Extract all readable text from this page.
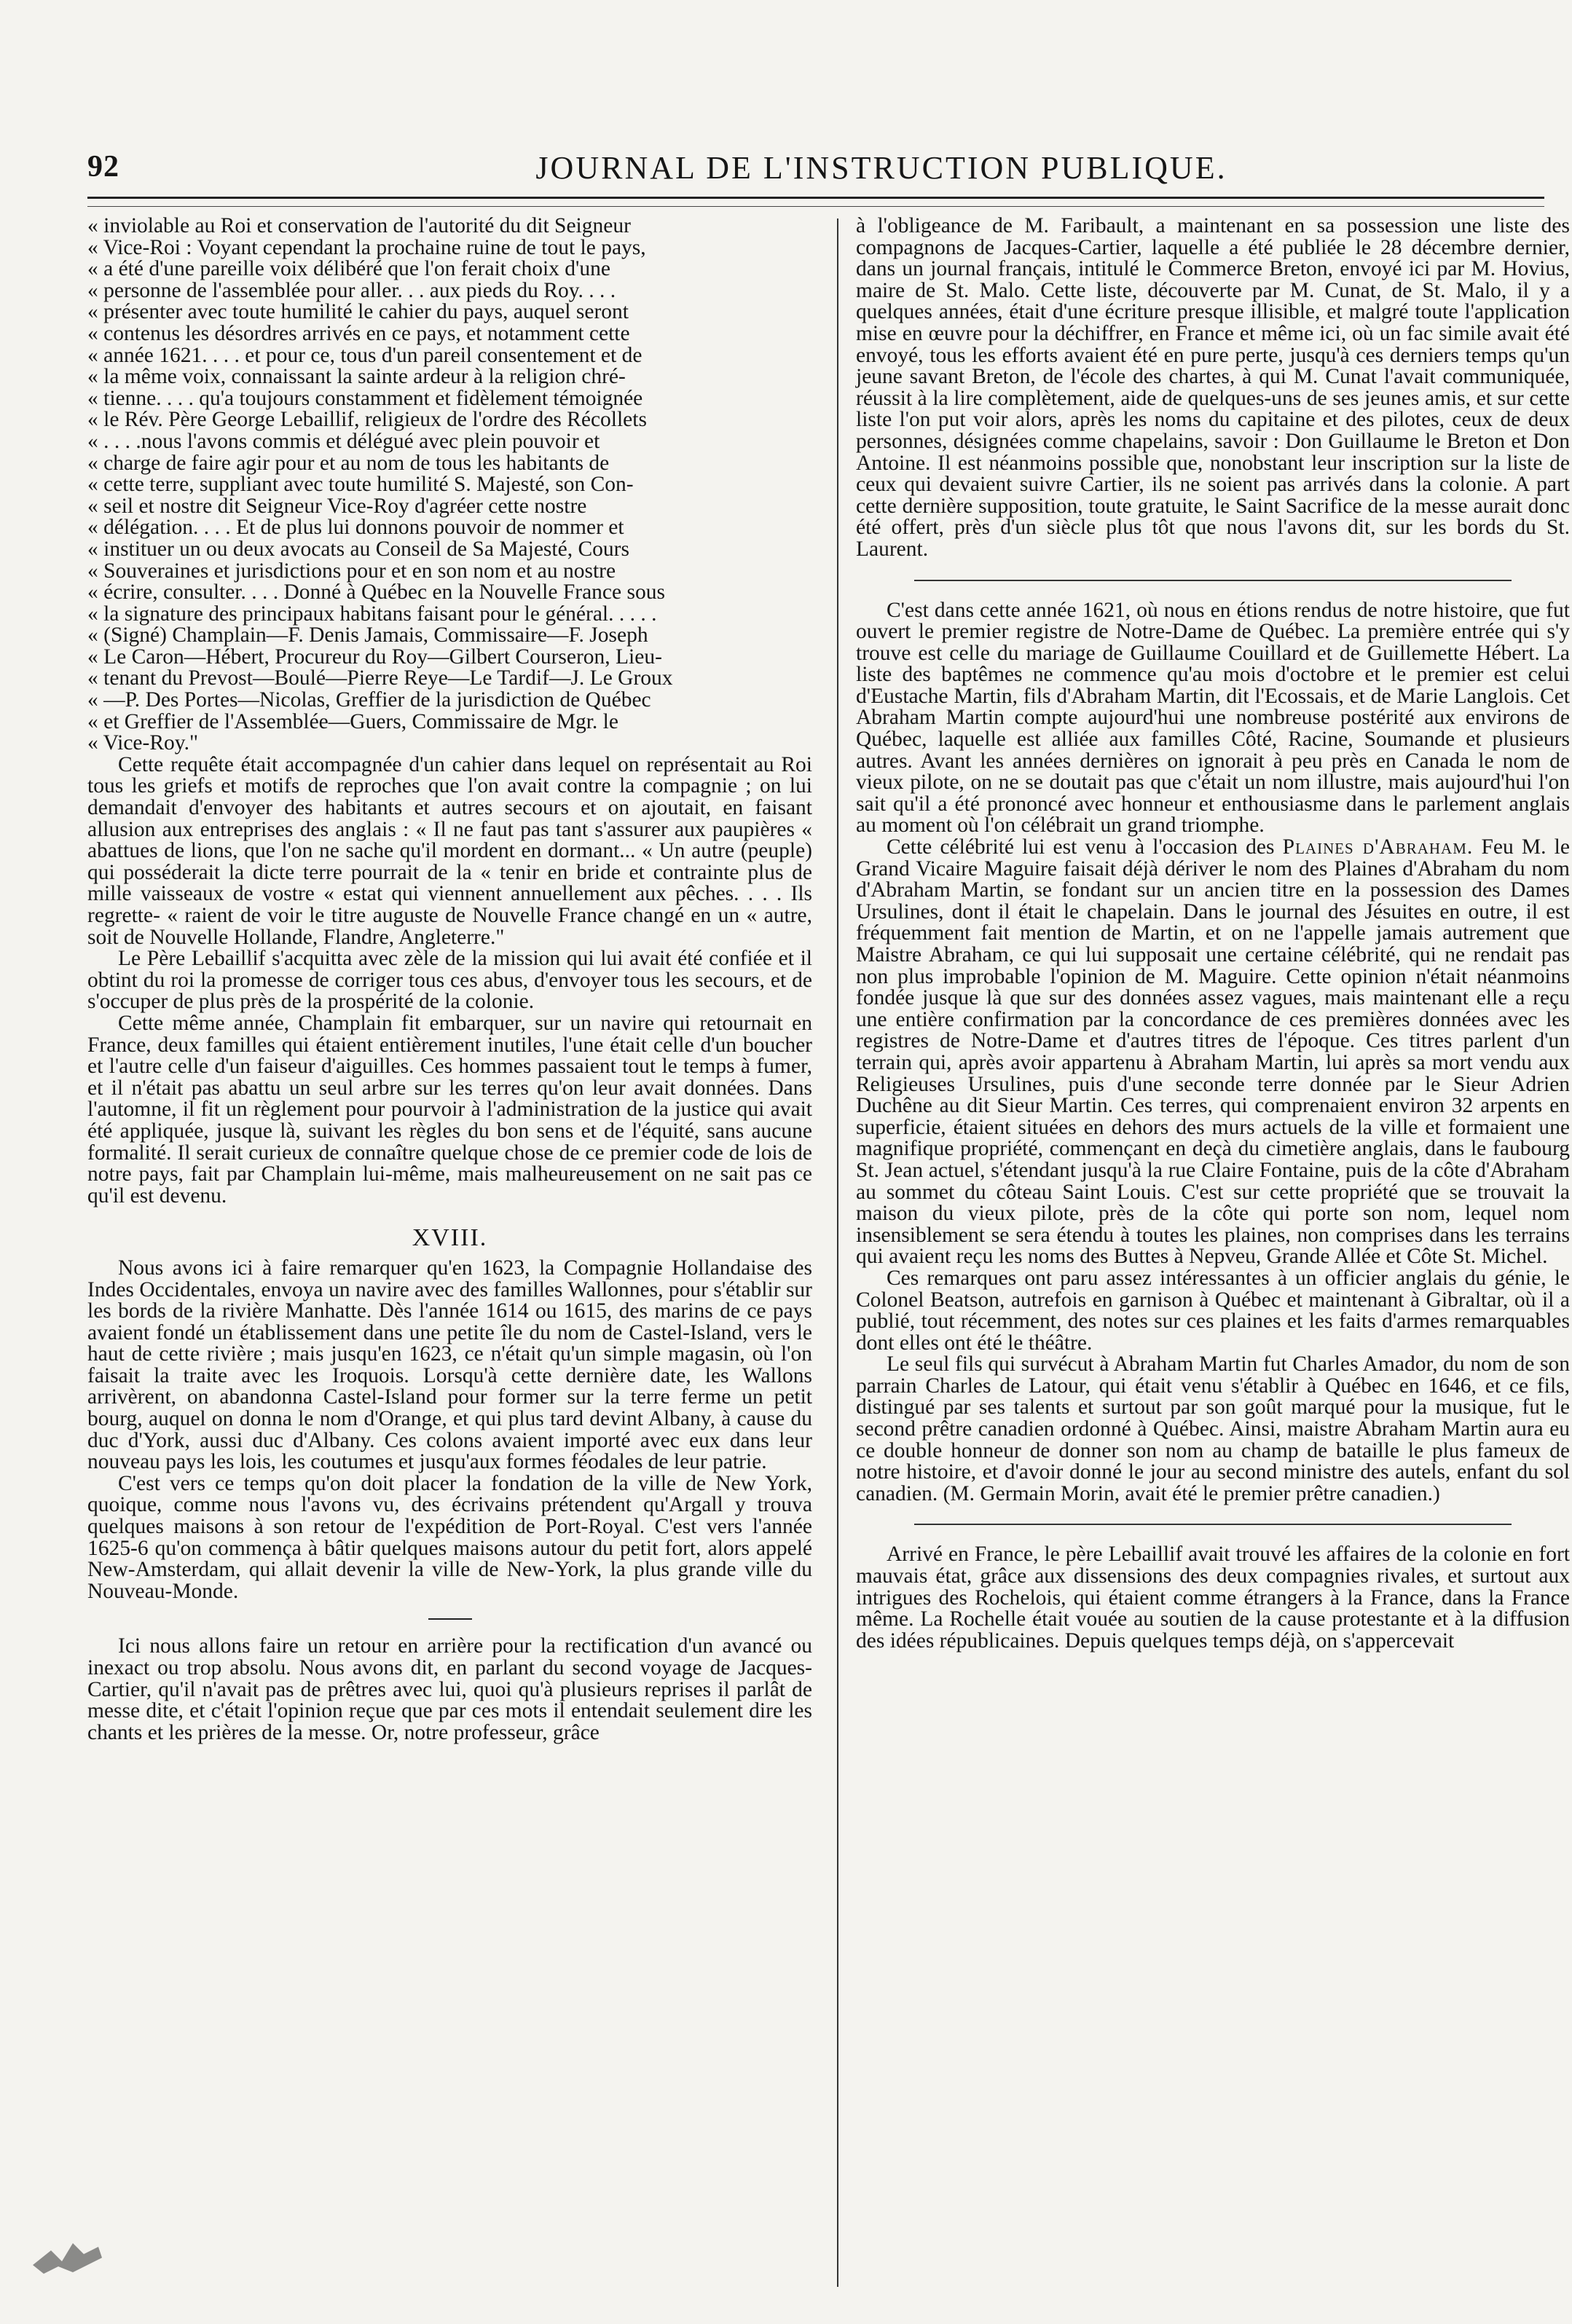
92	JOURNAL DE L'INSTRUCTION PUBLIQUE.

« inviolable au Roi et conservation de l'autorité du dit Seigneur

« Vice-Roi : Voyant cependant la prochaine ruine de tout le pays,

« a été d'une pareille voix délibéré que l'on ferait choix d'une

« personne de l'assemblée pour aller. . . aux pieds du Roy. . . .

« présenter avec toute humilité le cahier du pays, auquel seront

« contenus les désordres arrivés en ce pays, et notamment cette

« année 1621. . . . et pour ce, tous d'un pareil consentement et de

« la même voix, connaissant la sainte ardeur à la religion chré-

« tienne. . . . qu'a toujours constamment et fidèlement témoignée

« le Rév. Père George Lebaillif, religieux de l'ordre des Récollets

« . . . .nous l'avons commis et délégué avec plein pouvoir et

« charge de faire agir pour et au nom de tous les habitants de

« cette terre, suppliant avec toute humilité S. Majesté, son Con-

« seil et nostre dit Seigneur Vice-Roy d'agréer cette nostre

« délégation. . . . Et de plus lui donnons pouvoir de nommer et

« instituer un ou deux avocats au Conseil de Sa Majesté, Cours

« Souveraines et jurisdictions pour et en son nom et au nostre

« écrire, consulter. . . . Donné à Québec en la Nouvelle France sous

« la signature des principaux habitans faisant pour le général. . . . .

« (Signé) Champlain—F. Denis Jamais, Commissaire—F. Joseph

« Le Caron—Hébert, Procureur du Roy—Gilbert Courseron, Lieu-

« tenant du Prevost—Boulé—Pierre Reye—Le Tardif—J. Le Groux

« —P. Des Portes—Nicolas, Greffier de la jurisdiction de Québec

« et Greffier de l'Assemblée—Guers, Commissaire de Mgr. le

« Vice-Roy."

Cette requête était accompagnée d'un cahier dans lequel on représentait au Roi tous les griefs et motifs de reproches que l'on avait contre la compagnie ; on lui demandait d'envoyer des habitants et autres secours et on ajoutait, en faisant allusion aux entreprises des anglais : « Il ne faut pas tant s'assurer aux paupières « abattues de lions, que l'on ne sache qu'il mordent en dormant... « Un autre (peuple) qui posséderait la dicte terre pourrait de la « tenir en bride et contrainte plus de mille vaisseaux de vostre « estat qui viennent annuellement aux pêches. . . . Ils regrette- « raient de voir le titre auguste de Nouvelle France changé en un « autre, soit de Nouvelle Hollande, Flandre, Angleterre."

Le Père Lebaillif s'acquitta avec zèle de la mission qui lui avait été confiée et il obtint du roi la promesse de corriger tous ces abus, d'envoyer tous les secours, et de s'occuper de plus près de la prospérité de la colonie.

Cette même année, Champlain fit embarquer, sur un navire qui retournait en France, deux familles qui étaient entièrement inutiles, l'une était celle d'un boucher et l'autre celle d'un faiseur d'aiguilles. Ces hommes passaient tout le temps à fumer, et il n'était pas abattu un seul arbre sur les terres qu'on leur avait données. Dans l'automne, il fit un règlement pour pourvoir à l'administration de la justice qui avait été appliquée, jusque là, suivant les règles du bon sens et de l'équité, sans aucune formalité. Il serait curieux de connaître quelque chose de ce premier code de lois de notre pays, fait par Champlain lui-même, mais malheureusement on ne sait pas ce qu'il est devenu.

XVIII.

Nous avons ici à faire remarquer qu'en 1623, la Compagnie Hollandaise des Indes Occidentales, envoya un navire avec des familles Wallonnes, pour s'établir sur les bords de la rivière Manhatte. Dès l'année 1614 ou 1615, des marins de ce pays avaient fondé un établissement dans une petite île du nom de Castel-Island, vers le haut de cette rivière ; mais jusqu'en 1623, ce n'était qu'un simple magasin, où l'on faisait la traite avec les Iroquois. Lorsqu'à cette dernière date, les Wallons arrivèrent, on abandonna Castel-Island pour former sur la terre ferme un petit bourg, auquel on donna le nom d'Orange, et qui plus tard devint Albany, à cause du duc d'York, aussi duc d'Albany. Ces colons avaient importé avec eux dans leur nouveau pays les lois, les coutumes et jusqu'aux formes féodales de leur patrie.

C'est vers ce temps qu'on doit placer la fondation de la ville de New York, quoique, comme nous l'avons vu, des écrivains prétendent qu'Argall y trouva quelques maisons à son retour de l'expédition de Port-Royal. C'est vers l'année 1625-6 qu'on commença à bâtir quelques maisons autour du petit fort, alors appelé New-Amsterdam, qui allait devenir la ville de New-York, la plus grande ville du Nouveau-Monde.

Ici nous allons faire un retour en arrière pour la rectification d'un avancé ou inexact ou trop absolu. Nous avons dit, en parlant du second voyage de Jacques-Cartier, qu'il n'avait pas de prêtres avec lui, quoi qu'à plusieurs reprises il parlât de messe dite, et c'était l'opinion reçue que par ces mots il entendait seulement dire les chants et les prières de la messe. Or, notre professeur, grâce

à l'obligeance de M. Faribault, a maintenant en sa possession une liste des compagnons de Jacques-Cartier, laquelle a été publiée le 28 décembre dernier, dans un journal français, intitulé le Commerce Breton, envoyé ici par M. Hovius, maire de St. Malo. Cette liste, découverte par M. Cunat, de St. Malo, il y a quelques années, était d'une écriture presque illisible, et malgré toute l'application mise en œuvre pour la déchiffrer, en France et même ici, où un fac simile avait été envoyé, tous les efforts avaient été en pure perte, jusqu'à ces derniers temps qu'un jeune savant Breton, de l'école des chartes, à qui M. Cunat l'avait communiquée, réussit à la lire complètement, aide de quelques-uns de ses jeunes amis, et sur cette liste l'on put voir alors, après les noms du capitaine et des pilotes, ceux de deux personnes, désignées comme chapelains, savoir : Don Guillaume le Breton et Don Antoine. Il est néanmoins possible que, nonobstant leur inscription sur la liste de ceux qui devaient suivre Cartier, ils ne soient pas arrivés dans la colonie. A part cette dernière supposition, toute gratuite, le Saint Sacrifice de la messe aurait donc été offert, près d'un siècle plus tôt que nous l'avons dit, sur les bords du St. Laurent.

C'est dans cette année 1621, où nous en étions rendus de notre histoire, que fut ouvert le premier registre de Notre-Dame de Québec. La première entrée qui s'y trouve est celle du mariage de Guillaume Couillard et de Guillemette Hébert. La liste des baptêmes ne commence qu'au mois d'octobre et le premier est celui d'Eustache Martin, fils d'Abraham Martin, dit l'Ecossais, et de Marie Langlois. Cet Abraham Martin compte aujourd'hui une nombreuse postérité aux environs de Québec, laquelle est alliée aux familles Côté, Racine, Soumande et plusieurs autres. Avant les années dernières on ignorait à peu près en Canada le nom de vieux pilote, on ne se doutait pas que c'était un nom illustre, mais aujourd'hui l'on sait qu'il a été prononcé avec honneur et enthousiasme dans le parlement anglais au moment où l'on célébrait un grand triomphe.

Cette célébrité lui est venu à l'occasion des Plaines d'Abraham. Feu M. le Grand Vicaire Maguire faisait déjà dériver le nom des Plaines d'Abraham du nom d'Abraham Martin, se fondant sur un ancien titre en la possession des Dames Ursulines, dont il était le chapelain. Dans le journal des Jésuites en outre, il est fréquemment fait mention de Martin, et on ne l'appelle jamais autrement que Maistre Abraham, ce qui lui supposait une certaine célébrité, qui ne rendait pas non plus improbable l'opinion de M. Maguire. Cette opinion n'était néanmoins fondée jusque là que sur des données assez vagues, mais maintenant elle a reçu une entière confirmation par la concordance de ces premières données avec les registres de Notre-Dame et d'autres titres de l'époque. Ces titres parlent d'un terrain qui, après avoir appartenu à Abraham Martin, lui après sa mort vendu aux Religieuses Ursulines, puis d'une seconde terre donnée par le Sieur Adrien Duchêne au dit Sieur Martin. Ces terres, qui comprenaient environ 32 arpents en superficie, étaient situées en dehors des murs actuels de la ville et formaient une magnifique propriété, commençant en deçà du cimetière anglais, dans le faubourg St. Jean actuel, s'étendant jusqu'à la rue Claire Fontaine, puis de la côte d'Abraham au sommet du côteau Saint Louis. C'est sur cette propriété que se trouvait la maison du vieux pilote, près de la côte qui porte son nom, lequel nom insensiblement se sera étendu à toutes les plaines, non comprises dans les terrains qui avaient reçu les noms des Buttes à Nepveu, Grande Allée et Côte St. Michel.

Ces remarques ont paru assez intéressantes à un officier anglais du génie, le Colonel Beatson, autrefois en garnison à Québec et maintenant à Gibraltar, où il a publié, tout récemment, des notes sur ces plaines et les faits d'armes remarquables dont elles ont été le théâtre.

Le seul fils qui survécut à Abraham Martin fut Charles Amador, du nom de son parrain Charles de Latour, qui était venu s'établir à Québec en 1646, et ce fils, distingué par ses talents et surtout par son goût marqué pour la musique, fut le second prêtre canadien ordonné à Québec. Ainsi, maistre Abraham Martin aura eu ce double honneur de donner son nom au champ de bataille le plus fameux de notre histoire, et d'avoir donné le jour au second ministre des autels, enfant du sol canadien. (M. Germain Morin, avait été le premier prêtre canadien.)

Arrivé en France, le père Lebaillif avait trouvé les affaires de la colonie en fort mauvais état, grâce aux dissensions des deux compagnies rivales, et surtout aux intrigues des Rochelois, qui étaient comme étrangers à la France, dans la France même. La Rochelle était vouée au soutien de la cause protestante et à la diffusion des idées républicaines. Depuis quelques temps déjà, on s'appercevait
